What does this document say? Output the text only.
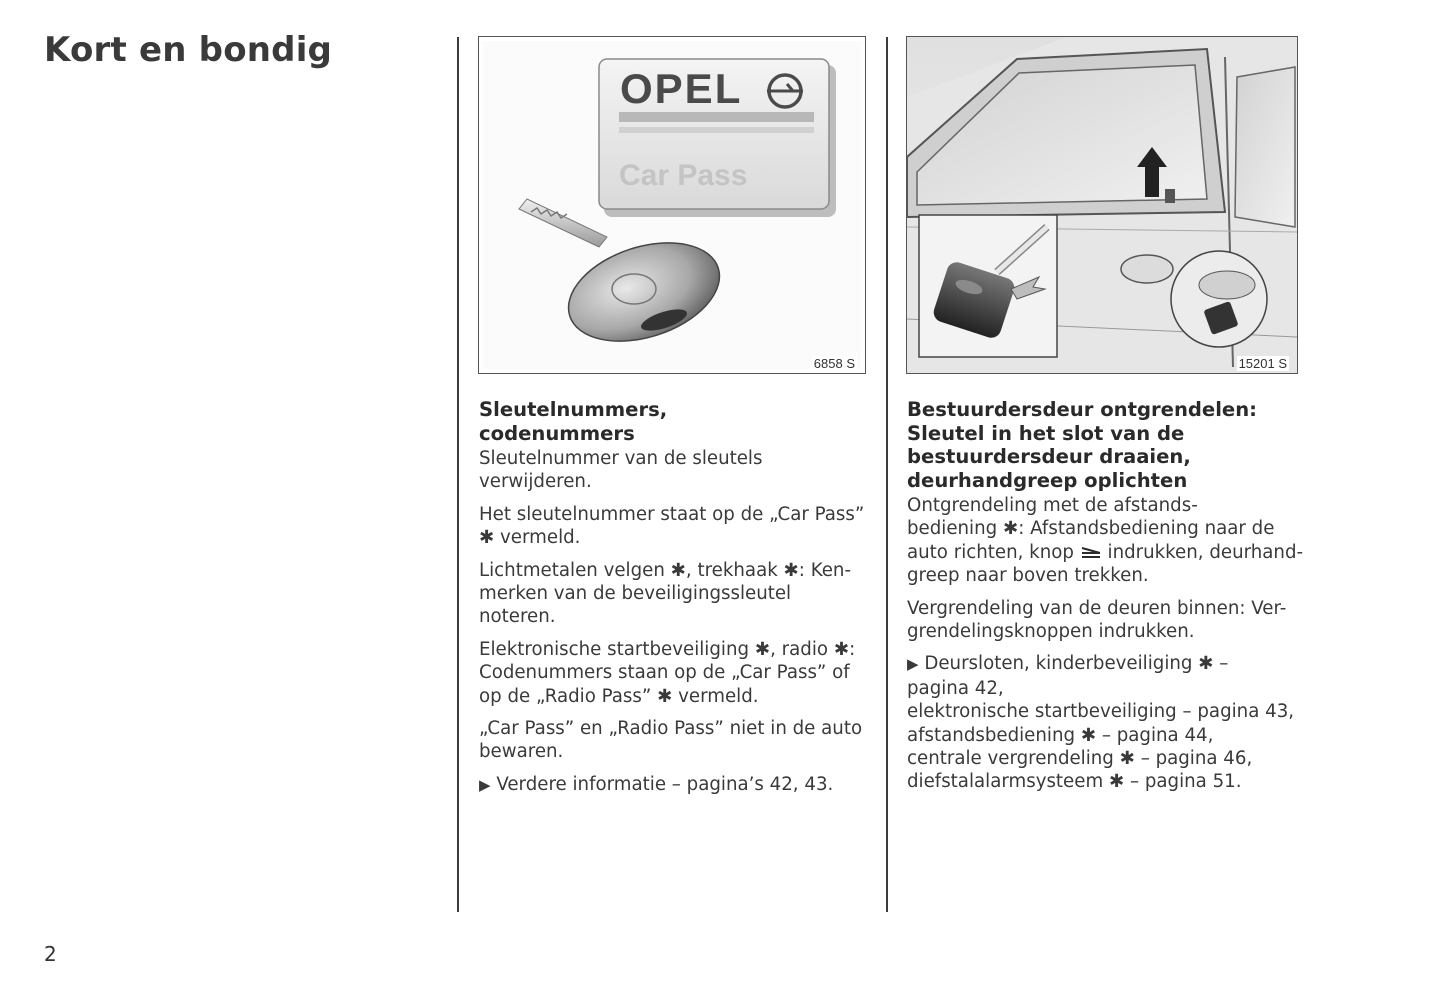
Kort en bondig
OPEL
Car Pass
6858 S	15201 S
Sleutelnummers,
codenummers

Sleutelnummer van de sleutels verwijderen.

Het sleutelnummer staat op de „Car Pass”
✱ vermeld.

Lichtmetalen velgen ✱, trekhaak ✱: Ken-
merken van de beveiligingssleutel noteren.

Elektronische startbeveiliging ✱, radio ✱:
Codenummers staan op de „Car Pass” of
op de „Radio Pass” ✱ vermeld.

„Car Pass” en „Radio Pass” niet in de auto
bewaren.

▶ Verdere informatie – pagina’s 42, 43.

Bestuurdersdeur ontgrendelen:
Sleutel in het slot van de
bestuurdersdeur draaien,
deurhandgreep oplichten

Ontgrendeling met de afstands-
bediening ✱: Afstandsbediening naar de
auto richten, knop indrukken, deurhand-
greep naar boven trekken.

Vergrendeling van de deuren binnen: Ver-
grendelingsknoppen indrukken.

▶ Deursloten, kinderbeveiliging ✱ –
pagina 42,
elektronische startbeveiliging – pagina 43,
afstandsbediening ✱ – pagina 44,
centrale vergrendeling ✱ – pagina 46,
diefstalalarmsysteem ✱ – pagina 51.

2
